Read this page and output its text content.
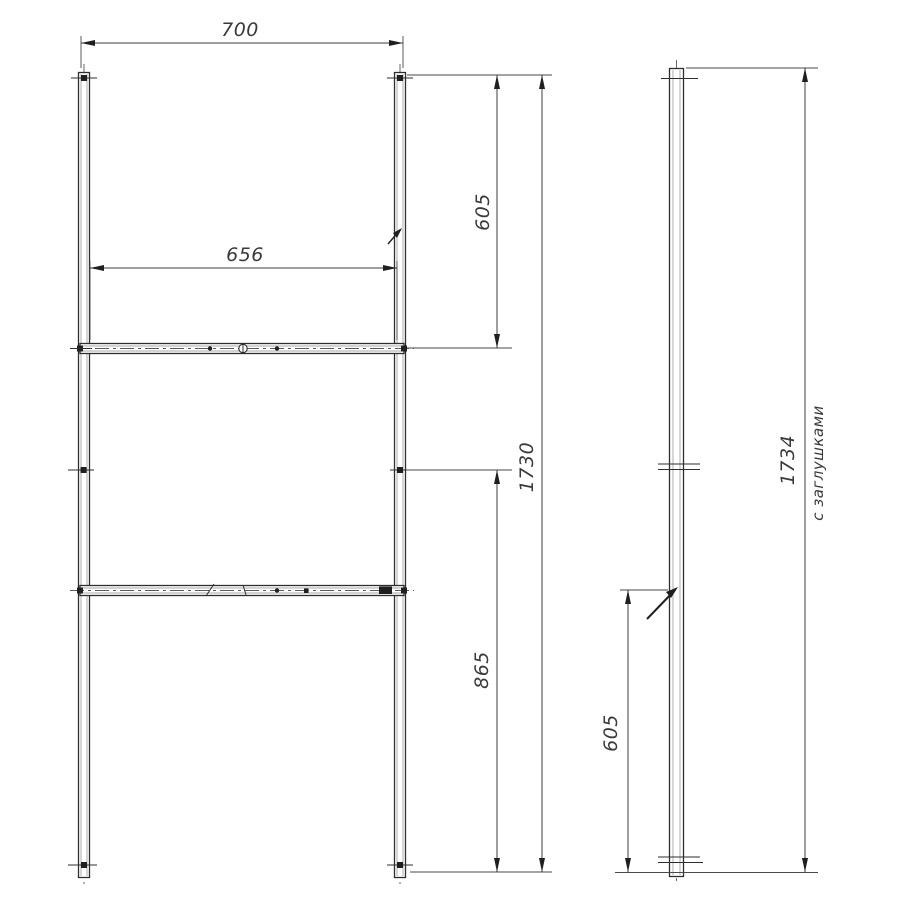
700
656
605
865
1730
605
1734 с заглушками
